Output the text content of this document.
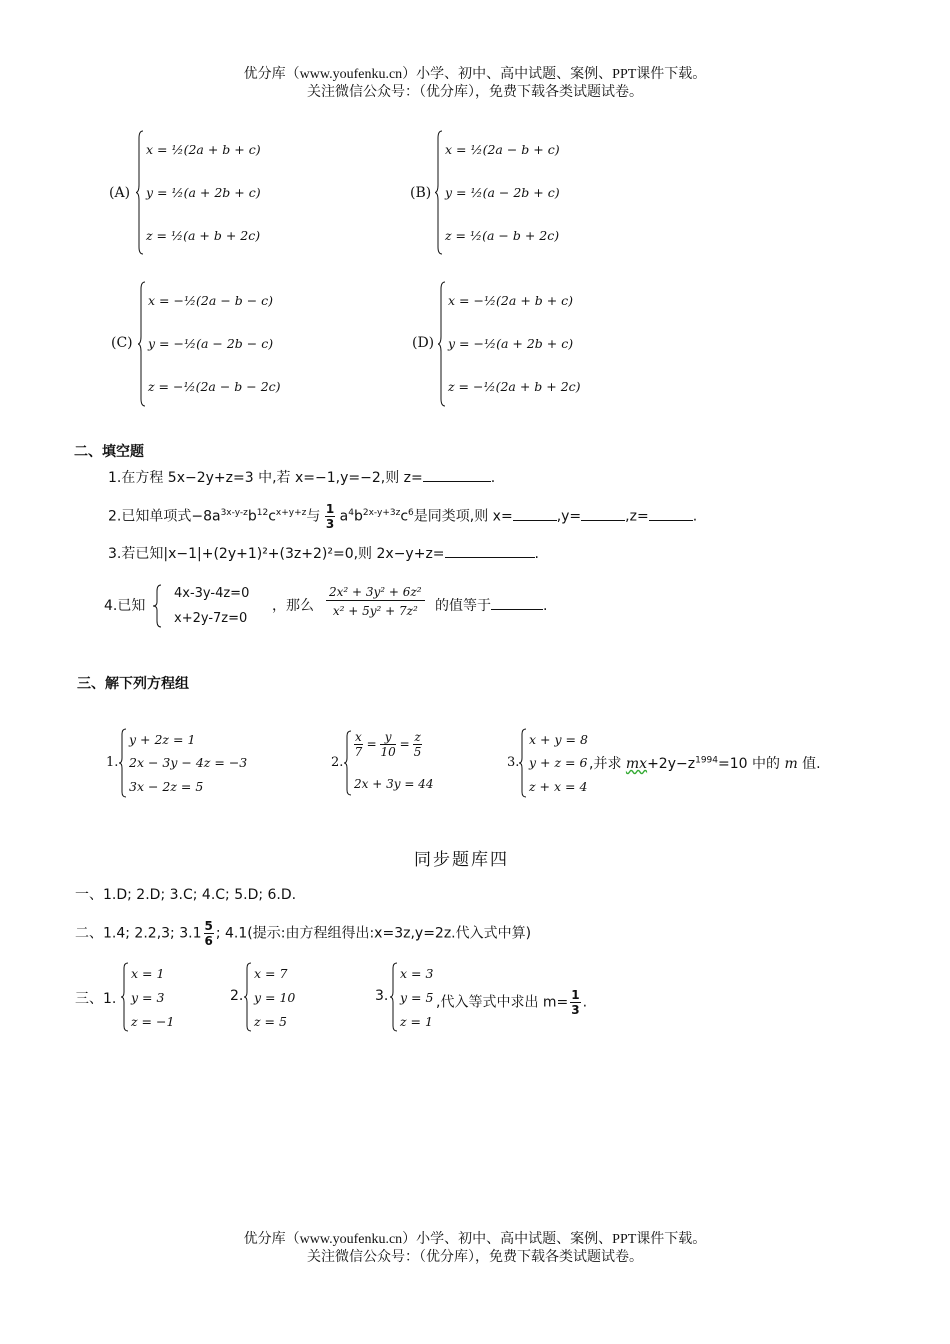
优分库（www.youfenku.cn）小学、初中、高中试题、案例、PPT课件下载。
关注微信公众号：（优分库），免费下载各类试题试卷。
(A)
x = ½(2a + b + c)
y = ½(a + 2b + c)
z = ½(a + b + 2c)
(B)
x = ½(2a − b + c)
y = ½(a − 2b + c)
z = ½(a − b + 2c)
(C)
x = −½(2a − b − c)
y = −½(a − 2b − c)
z = −½(2a − b − 2c)
(D)
x = −½(2a + b + c)
y = −½(a + 2b + c)
z = −½(2a + b + 2c)
二、填空题
1.在方程 5x−2y+z=3 中,若 x=−1,y=−2,则 z=	.
2.已知单项式$-8a^{3x-y-z}b^{12}c^{x+y+z}$与 $\frac{1}{3} a^4b^{2x-y+3z}c^6$是同类项,则 x=	,y=	,z=	.
3.若已知|x−1|+(2y+1)²+(3z+2)²=0,则 2x−y+z=	.
4.已知
4x-3y-4z=0
x+2y-7z=0
，那么 $\frac{\text{2x² + 3y² + 6z²}}{\text{x² + 5y² + 7z²}}$ 的值等于	.
三、解下列方程组
1.
y + 2z = 1
2x − 3y − 4z = −3
3x − 2z = 5
2.
$\frac{x}{7} = \frac{y}{10} = \frac{z}{5}$
2x + 3y = 44
3.
x + y = 8
y + z = 6
z + x = 4
,并求 $mx+2y-z^{1994}=10$ 中的 m 值.
同步题库四
一、1.D; 2.D; 3.C; 4.C; 5.D; 6.D.
二、1.4; 2.2,3; $3.1 \frac{5}{6}$ ; 4.1(提示:由方程组得出:x=3z,y=2z.代入式中算)
三、1.
x = 1
y = 3
z = −1
2.
x = 7
y = 10
z = 5
3.
x = 3
y = 5
z = 1
,代入等式中求出 $m= \frac{1}{3}$ .
优分库（www.youfenku.cn）小学、初中、高中试题、案例、PPT课件下载。
关注微信公众号：（优分库），免费下载各类试题试卷。
